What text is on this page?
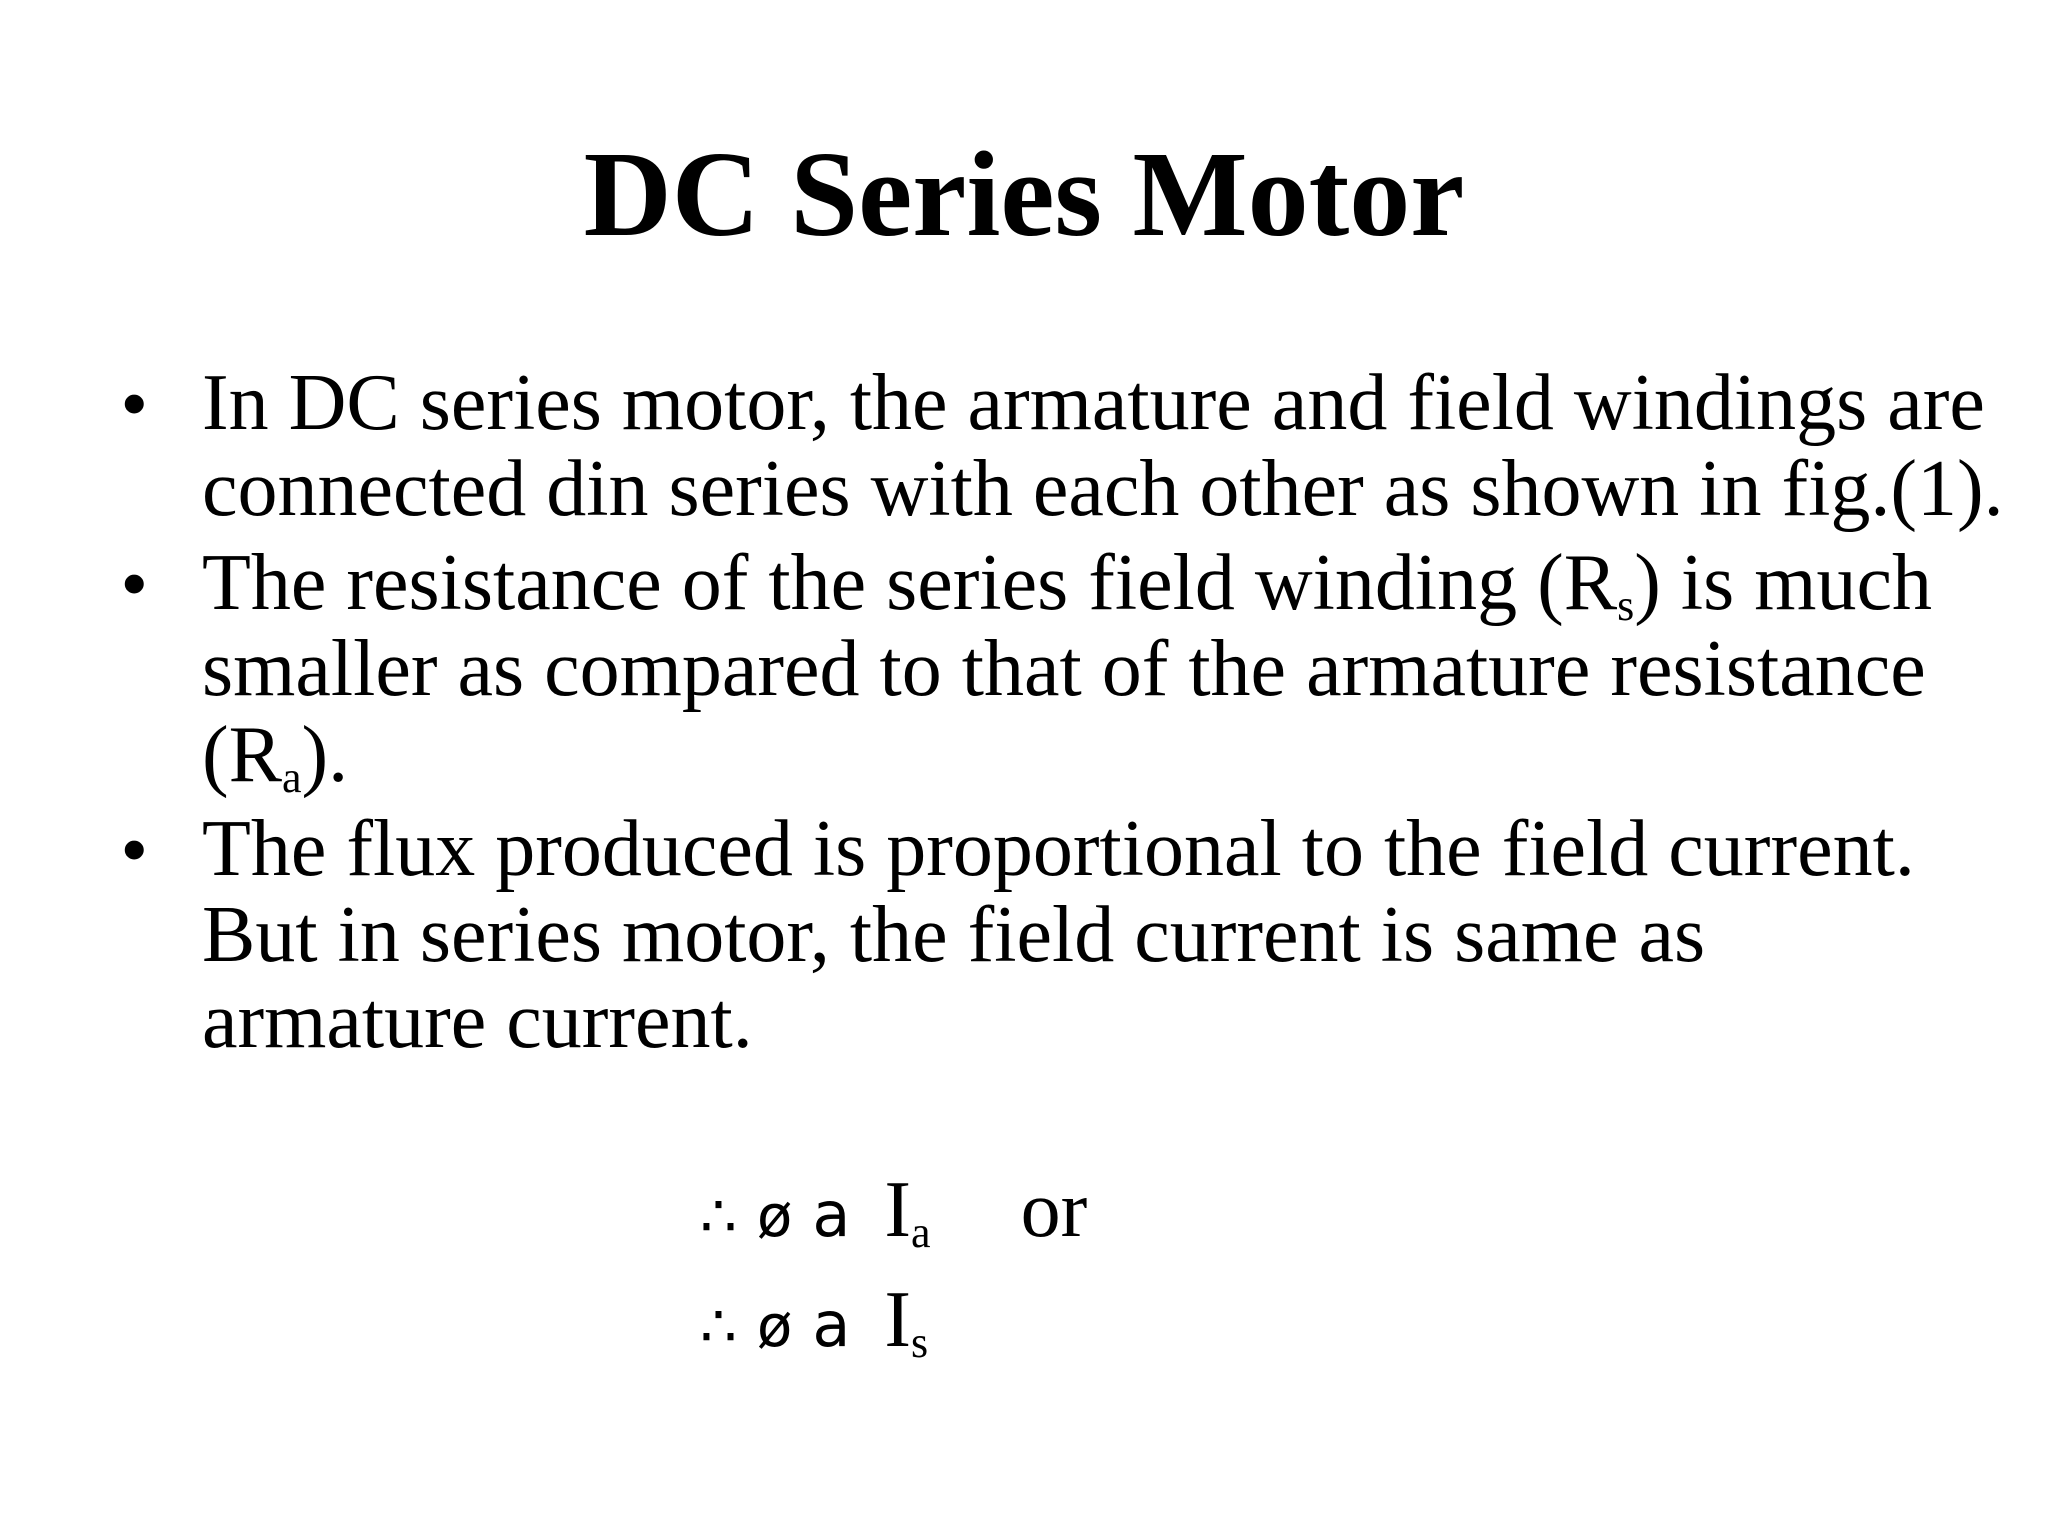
DC Series Motor
• In DC series motor, the armature and field windings are connected din series with each other as shown in fig.(1).
• The resistance of the series field winding $(R_s)$ is much smaller as compared to that of the armature resistance $(R_a)$.
• The flux produced is proportional to the field current. But in series motor, the field current is same as armature current.
∴ ø a $I_a$ or
∴ ø a $I_s$
